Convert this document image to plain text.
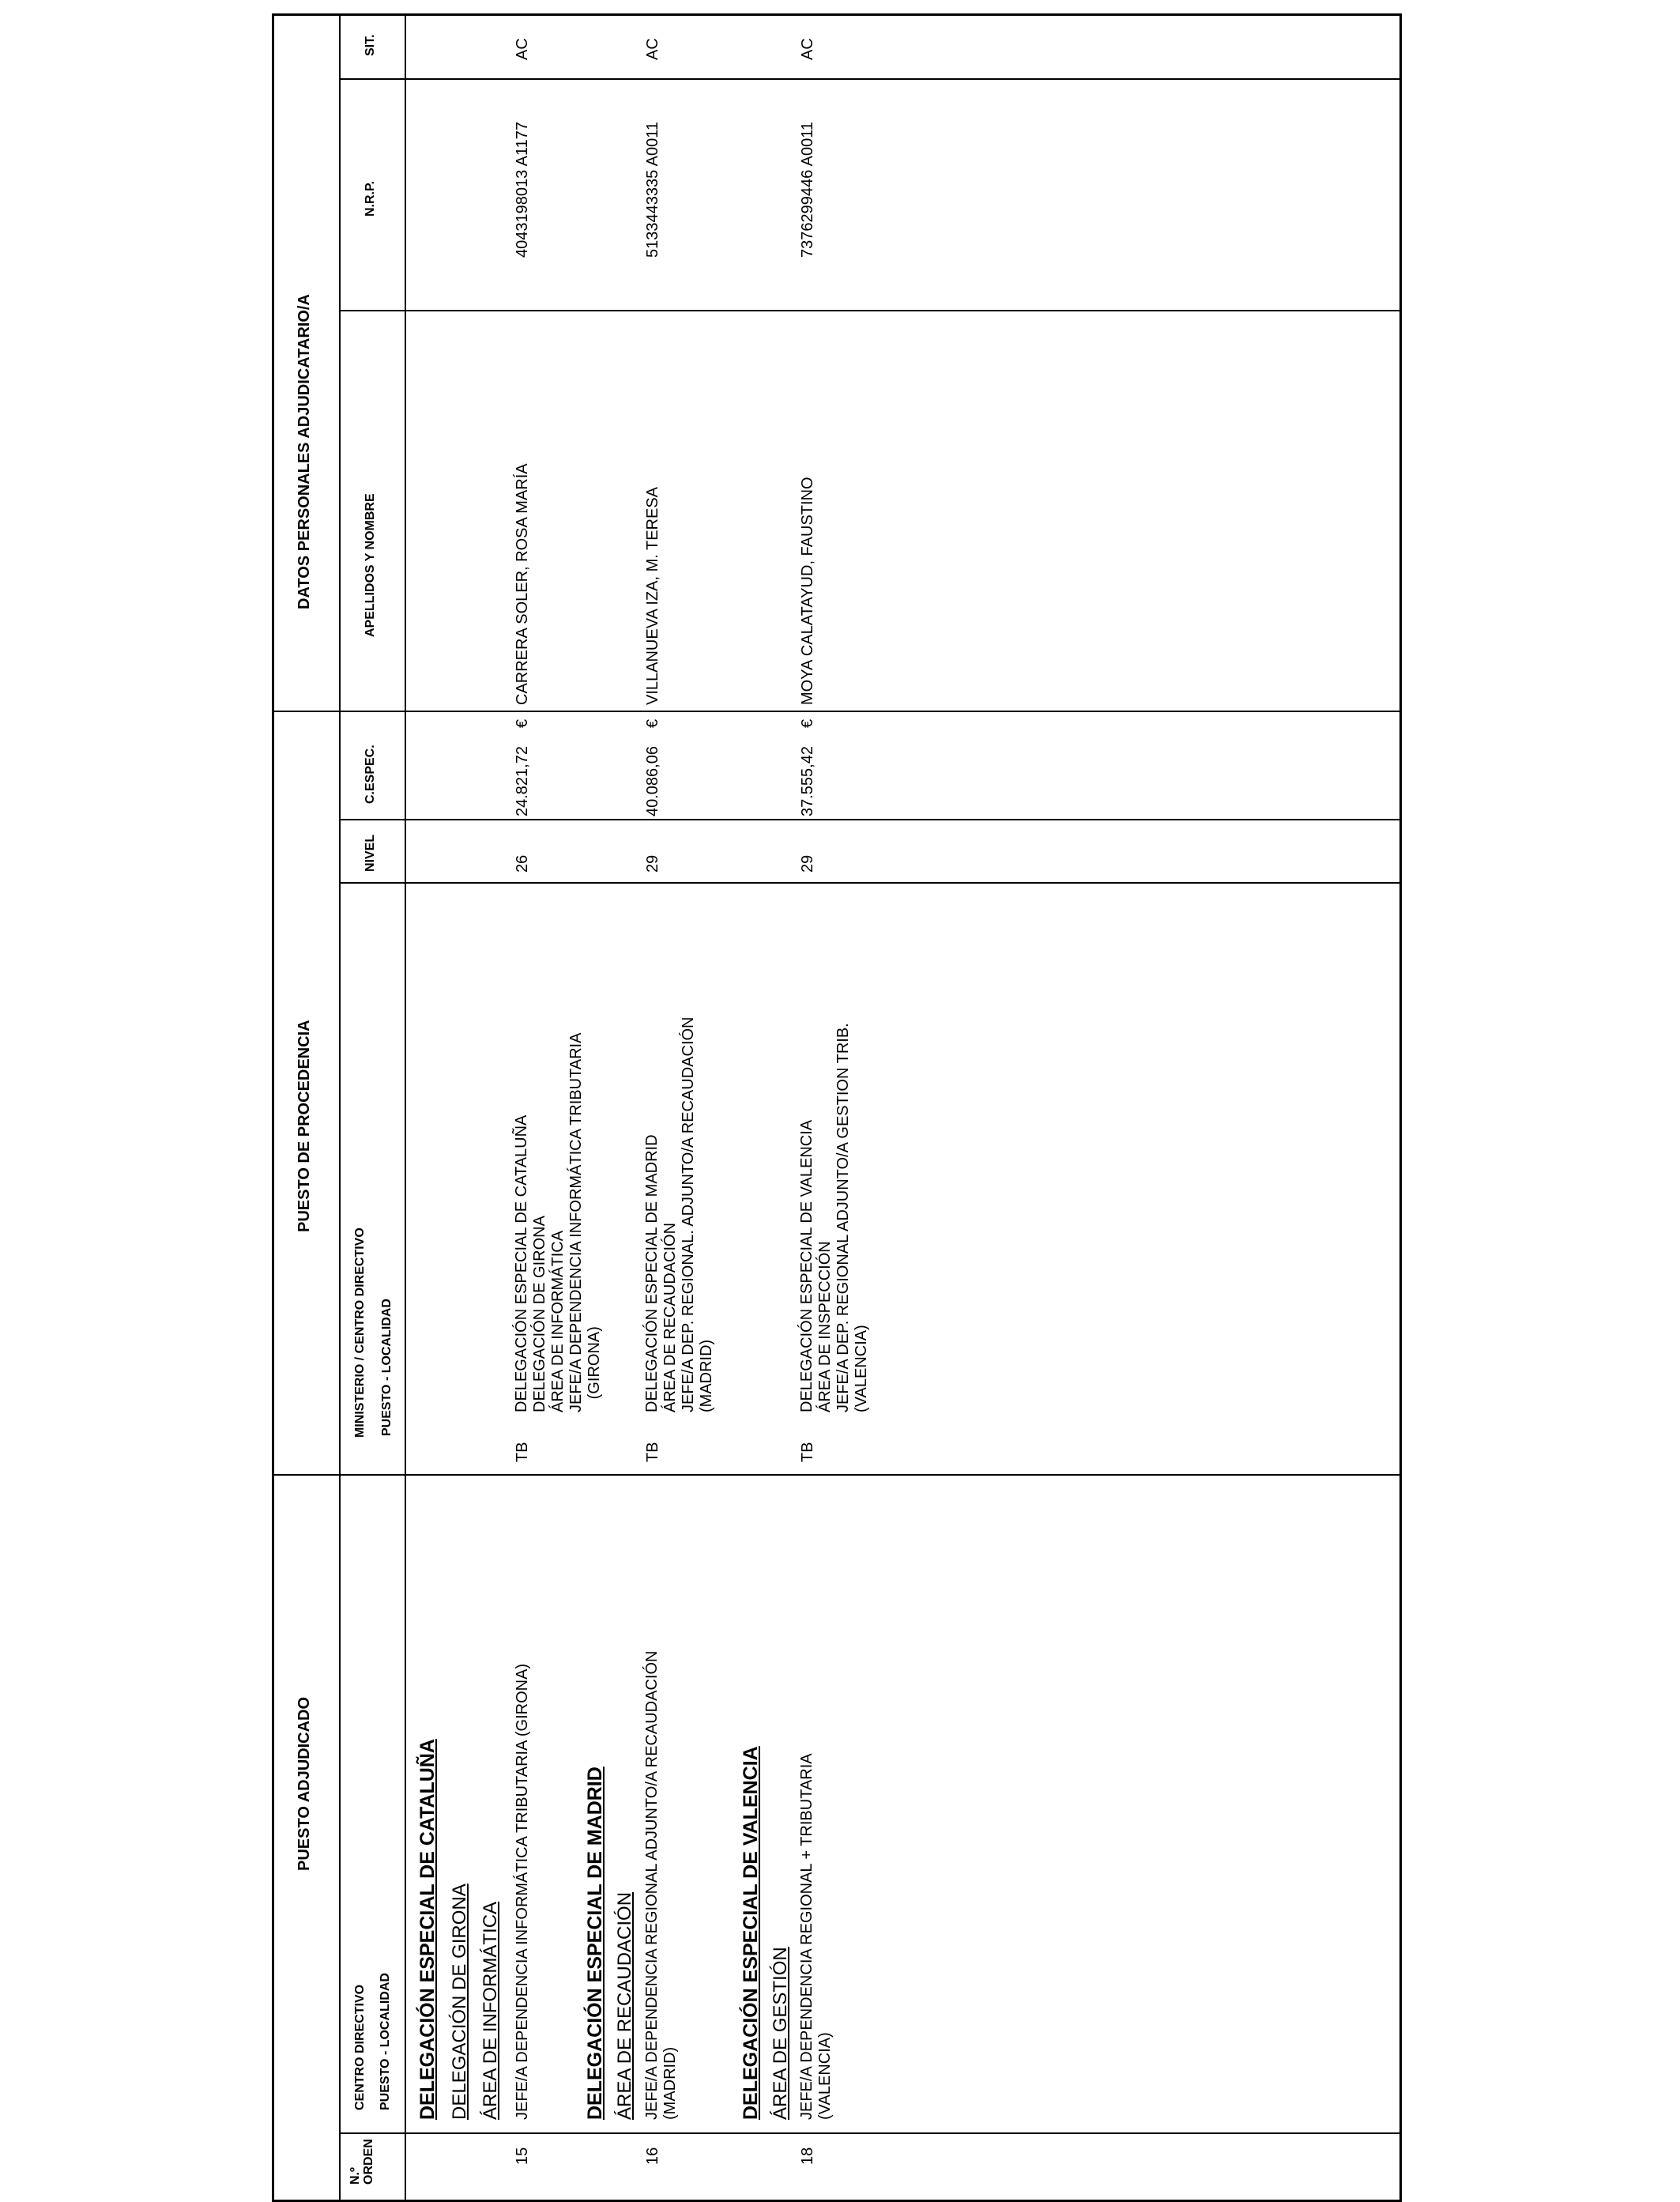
PUESTO ADJUDICADO
PUESTO DE PROCEDENCIA
DATOS PERSONALES ADJUDICATARIO/A
N.º ORDEN
CENTRO DIRECTIVO PUESTO - LOCALIDAD
MINISTERIO / CENTRO DIRECTIVO PUESTO - LOCALIDAD
NIVEL
C.ESPEC.
APELLIDOS Y NOMBRE
N.R.P.
SIT.
DELEGACIÓN ESPECIAL DE CATALUÑA DELEGACIÓN DE GIRONA ÁREA DE INFORMÁTICA
15
JEFE/A DEPENDENCIA INFORMÁTICA TRIBUTARIA (GIRONA)
TB
DELEGACIÓN ESPECIAL DE CATALUÑA DELEGACIÓN DE GIRONA ÁREA DE INFORMÁTICA JEFE/A DEPENDENCIA INFORMÁTICA TRIBUTARIA (GIRONA)
26
24.821,72
€
CARRERA SOLER, ROSA MARÍA
4043198013 A1177
AC
DELEGACIÓN ESPECIAL DE MADRID ÁREA DE RECAUDACIÓN
16
JEFE/A DEPENDENCIA REGIONAL ADJUNTO/A RECAUDACIÓN (MADRID)
TB
DELEGACIÓN ESPECIAL DE MADRID ÁREA DE RECAUDACIÓN JEFE/A DEP. REGIONAL. ADJUNTO/A RECAUDACIÓN (MADRID)
29
40.086,06
€
VILLANUEVA IZA, M. TERESA
5133443335 A0011
AC
DELEGACIÓN ESPECIAL DE VALENCIA ÁREA DE GESTIÓN
18
JEFE/A DEPENDENCIA REGIONAL + TRIBUTARIA (VALENCIA)
TB
DELEGACIÓN ESPECIAL DE VALENCIA ÁREA DE INSPECCIÓN JEFE/A DEP. REGIONAL ADJUNTO/A GESTION TRIB. (VALENCIA)
29
37.555,42
€
MOYA CALATAYUD, FAUSTINO
7376299446 A0011
AC
